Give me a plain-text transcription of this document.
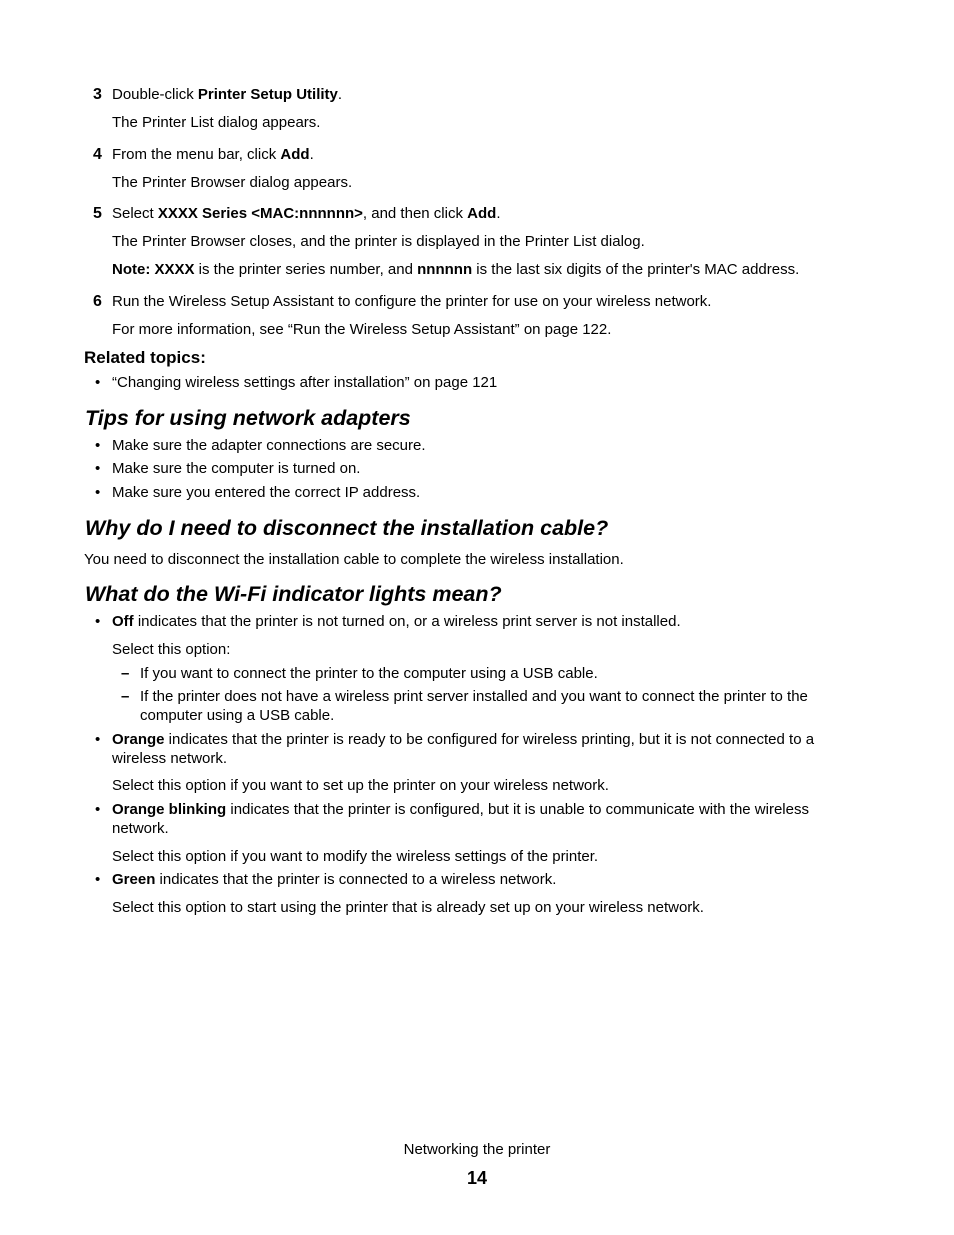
3 Double-click Printer Setup Utility.
The Printer List dialog appears.
4 From the menu bar, click Add.
The Printer Browser dialog appears.
5 Select XXXX Series <MAC:nnnnnn>, and then click Add.
The Printer Browser closes, and the printer is displayed in the Printer List dialog.
Note: XXXX is the printer series number, and nnnnnn is the last six digits of the printer's MAC address.
6 Run the Wireless Setup Assistant to configure the printer for use on your wireless network.
For more information, see “Run the Wireless Setup Assistant” on page 122.
Related topics:
• “Changing wireless settings after installation” on page 121
Tips for using network adapters
• Make sure the adapter connections are secure.
• Make sure the computer is turned on.
• Make sure you entered the correct IP address.
Why do I need to disconnect the installation cable?
You need to disconnect the installation cable to complete the wireless installation.
What do the Wi-Fi indicator lights mean?
• Off indicates that the printer is not turned on, or a wireless print server is not installed.
Select this option:
– If you want to connect the printer to the computer using a USB cable.
– If the printer does not have a wireless print server installed and you want to connect the printer to the computer using a USB cable.
• Orange indicates that the printer is ready to be configured for wireless printing, but it is not connected to a wireless network.
Select this option if you want to set up the printer on your wireless network.
• Orange blinking indicates that the printer is configured, but it is unable to communicate with the wireless network.
Select this option if you want to modify the wireless settings of the printer.
• Green indicates that the printer is connected to a wireless network.
Select this option to start using the printer that is already set up on your wireless network.
Networking the printer
14
